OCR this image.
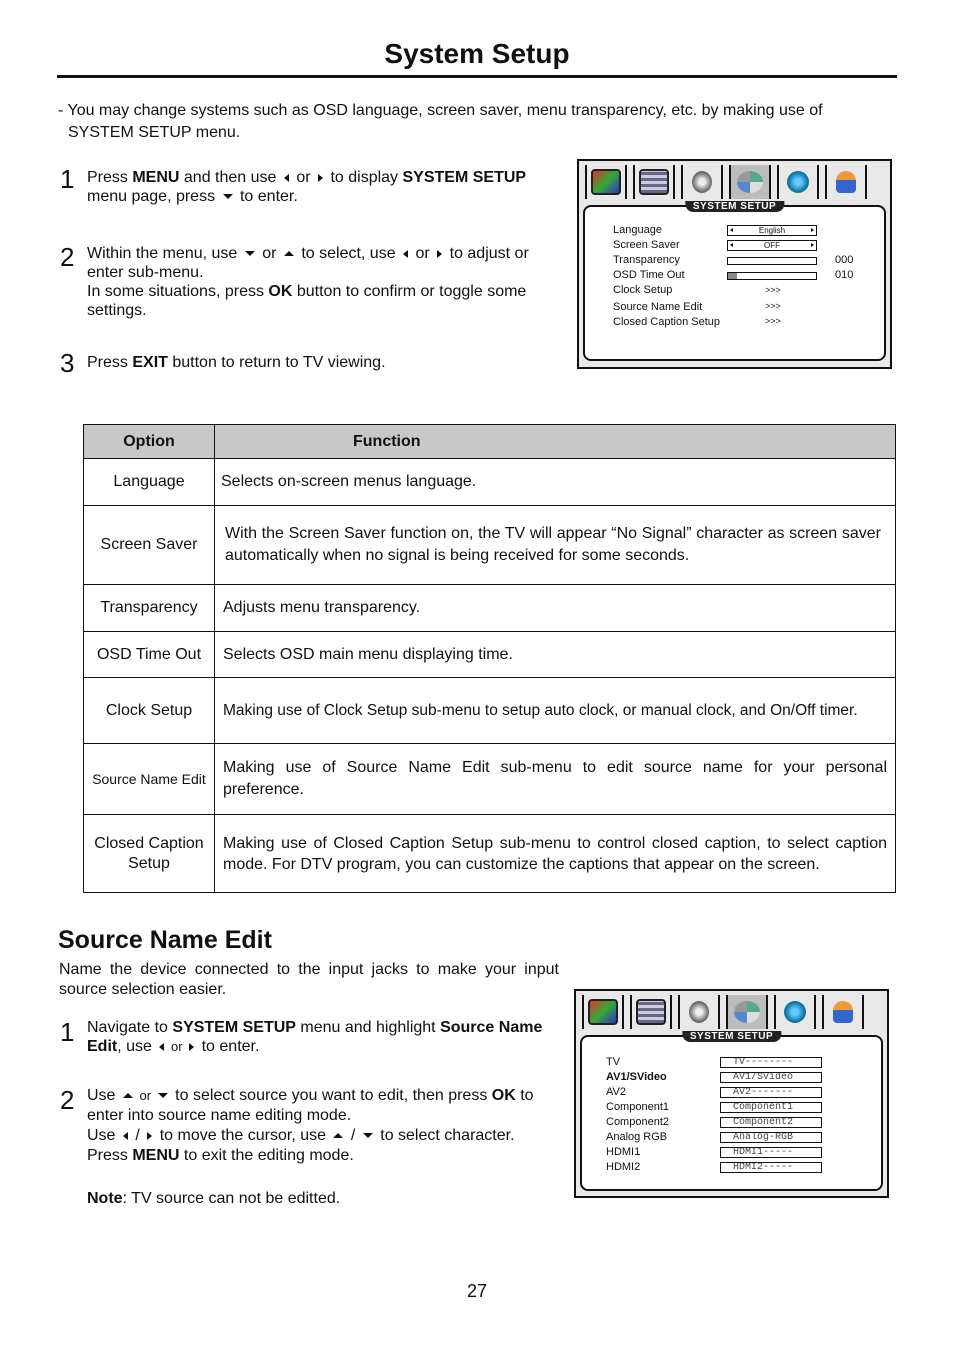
System Setup
- You may change systems such as OSD language, screen saver, menu transparency, etc. by making use of
SYSTEM SETUP menu.
1 Press MENU and then use  or  to display SYSTEM SETUP
menu page, press  to enter.
2 Within the menu, use  or  to select, use  or  to adjust or
enter sub-menu.
In some situations, press OK button to confirm or toggle some
settings.
3 Press EXIT button to return to TV viewing.
SYSTEM SETUP
Language	English
Screen Saver	OFF
Transparency	000
OSD Time Out	010
Clock Setup	>>>
Source Name Edit	>>>
Closed Caption Setup	>>>
Option	Function
Language	Selects on-screen menus language.
Screen Saver	With the Screen Saver function on, the TV will appear “No Signal” character as screen saver automatically when no signal is being received for some seconds.
Transparency	Adjusts menu transparency.
OSD Time Out	Selects OSD main menu displaying time.
Clock Setup	Making use of Clock Setup sub-menu to setup auto clock, or manual clock, and On/Off timer.
Source Name Edit	Making use of Source Name Edit sub-menu to edit source name for your personal preference.
Closed Caption Setup	Making use of Closed Caption Setup sub-menu to control closed caption, to select caption mode. For DTV program, you can customize the captions that appear on the screen.
Source Name Edit
Name the device connected to the input jacks to make your input source selection easier.
1 Navigate to SYSTEM SETUP menu and highlight Source Name
Edit, use  or  to enter.
2 Use  or  to select source you want to edit, then press OK to
enter into source name editing mode.
Use  /  to move the cursor, use  /  to select character.
Press MENU to exit the editing mode.
Note: TV source can not be editted.
SYSTEM SETUP
TV	TV--------
AV1/SVideo	AV1/SVideo
AV2	AV2-------
Component1	Component1
Component2	Component2
Analog RGB	Analog-RGB
HDMI1	HDMI1-----
HDMI2	HDMI2-----
27
